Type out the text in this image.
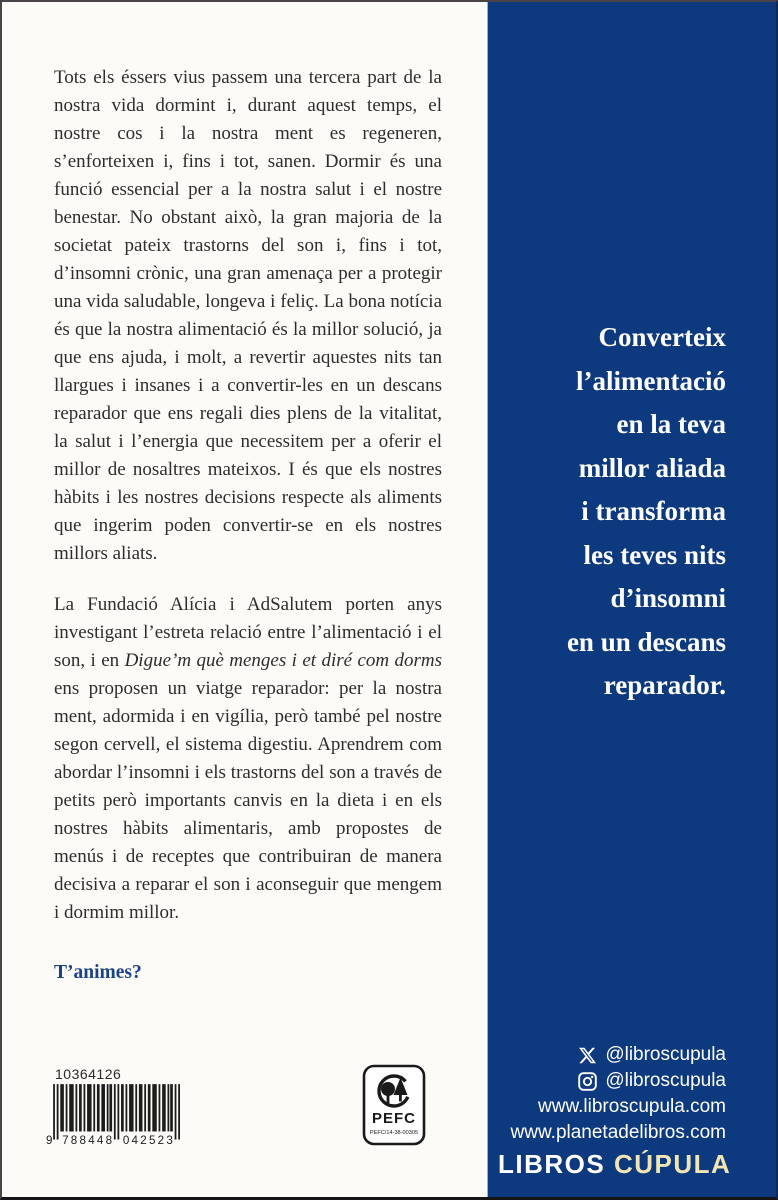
Tots els éssers vius passem una tercera part de la nostra vida dormint i, durant aquest temps, el nostre cos i la nostra ment es regeneren, s’enforteixen i, fins i tot, sanen. Dormir és una funció essencial per a la nostra salut i el nostre benestar. No obstant això, la gran majoria de la societat pateix trastorns del son i, fins i tot, d’insomni crònic, una gran amenaça per a protegir una vida saludable, longeva i feliç. La bona notícia és que la nostra alimentació és la millor solució, ja que ens ajuda, i molt, a revertir aquestes nits tan llargues i insanes i a convertir-les en un descans reparador que ens regali dies plens de la vitalitat, la salut i l’energia que necessitem per a oferir el millor de nosaltres mateixos. I és que els nostres hàbits i les nostres decisions respecte als aliments que ingerim poden convertir-se en els nostres millors aliats.

La Fundació Alícia i AdSalutem porten anys investigant l’estreta relació entre l’alimentació i el son, i en Digue’m què menges i et diré com dorms ens proposen un viatge reparador: per la nostra ment, adormida i en vigília, però també pel nostre segon cervell, el sistema digestiu. Aprendrem com abordar l’insomni i els trastorns del son a través de petits però importants canvis en la dieta i en els nostres hàbits alimentaris, amb propostes de menús i de receptes que contribuiran de manera decisiva a reparar el son i aconseguir que mengem i dormim millor.

T’animes?
Converteix
l’alimentació
en la teva
millor aliada
i transforma
les teves nits
d’insomni
en un descans
reparador.
@libroscupula
@libroscupula
www.libroscupula.com
www.planetadelibros.com
LIBROS CÚPULA
10364126
9 788448 042523
PEFC
PEFC/14-38-00305
